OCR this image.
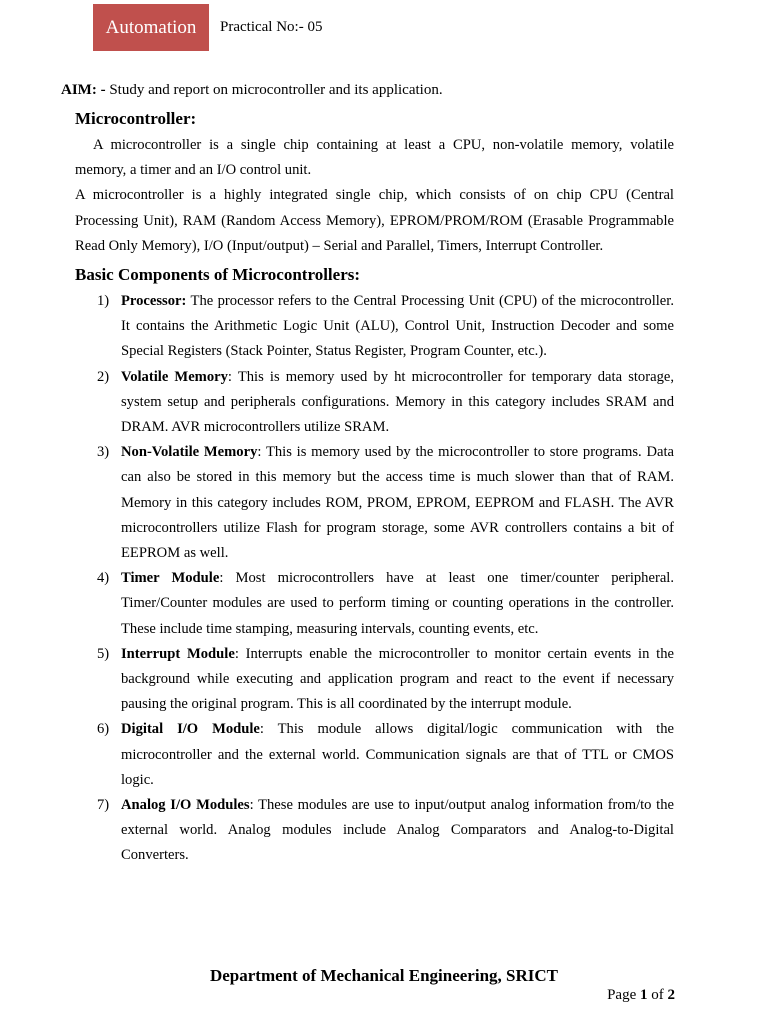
Automation Practical No:- 05
AIM: - Study and report on microcontroller and its application.
Microcontroller:

A microcontroller is a single chip containing at least a CPU, non-volatile memory, volatile memory, a timer and an I/O control unit.

A microcontroller is a highly integrated single chip, which consists of on chip CPU (Central Processing Unit), RAM (Random Access Memory), EPROM/PROM/ROM (Erasable Programmable Read Only Memory), I/O (Input/output) – Serial and Parallel, Timers, Interrupt Controller.

Basic Components of Microcontrollers:
1) Processor: The processor refers to the Central Processing Unit (CPU) of the microcontroller. It contains the Arithmetic Logic Unit (ALU), Control Unit, Instruction Decoder and some Special Registers (Stack Pointer, Status Register, Program Counter, etc.).
2) Volatile Memory: This is memory used by ht microcontroller for temporary data storage, system setup and peripherals configurations. Memory in this category includes SRAM and DRAM. AVR microcontrollers utilize SRAM.
3) Non-Volatile Memory: This is memory used by the microcontroller to store programs. Data can also be stored in this memory but the access time is much slower than that of RAM. Memory in this category includes ROM, PROM, EPROM, EEPROM and FLASH. The AVR microcontrollers utilize Flash for program storage, some AVR controllers contains a bit of EEPROM as well.
4) Timer Module: Most microcontrollers have at least one timer/counter peripheral. Timer/Counter modules are used to perform timing or counting operations in the controller. These include time stamping, measuring intervals, counting events, etc.
5) Interrupt Module: Interrupts enable the microcontroller to monitor certain events in the background while executing and application program and react to the event if necessary pausing the original program. This is all coordinated by the interrupt module.
6) Digital I/O Module: This module allows digital/logic communication with the microcontroller and the external world. Communication signals are that of TTL or CMOS logic.
7) Analog I/O Modules: These modules are use to input/output analog information from/to the external world. Analog modules include Analog Comparators and Analog-to-Digital Converters.
Department of Mechanical Engineering, SRICT
Page 1 of 2
